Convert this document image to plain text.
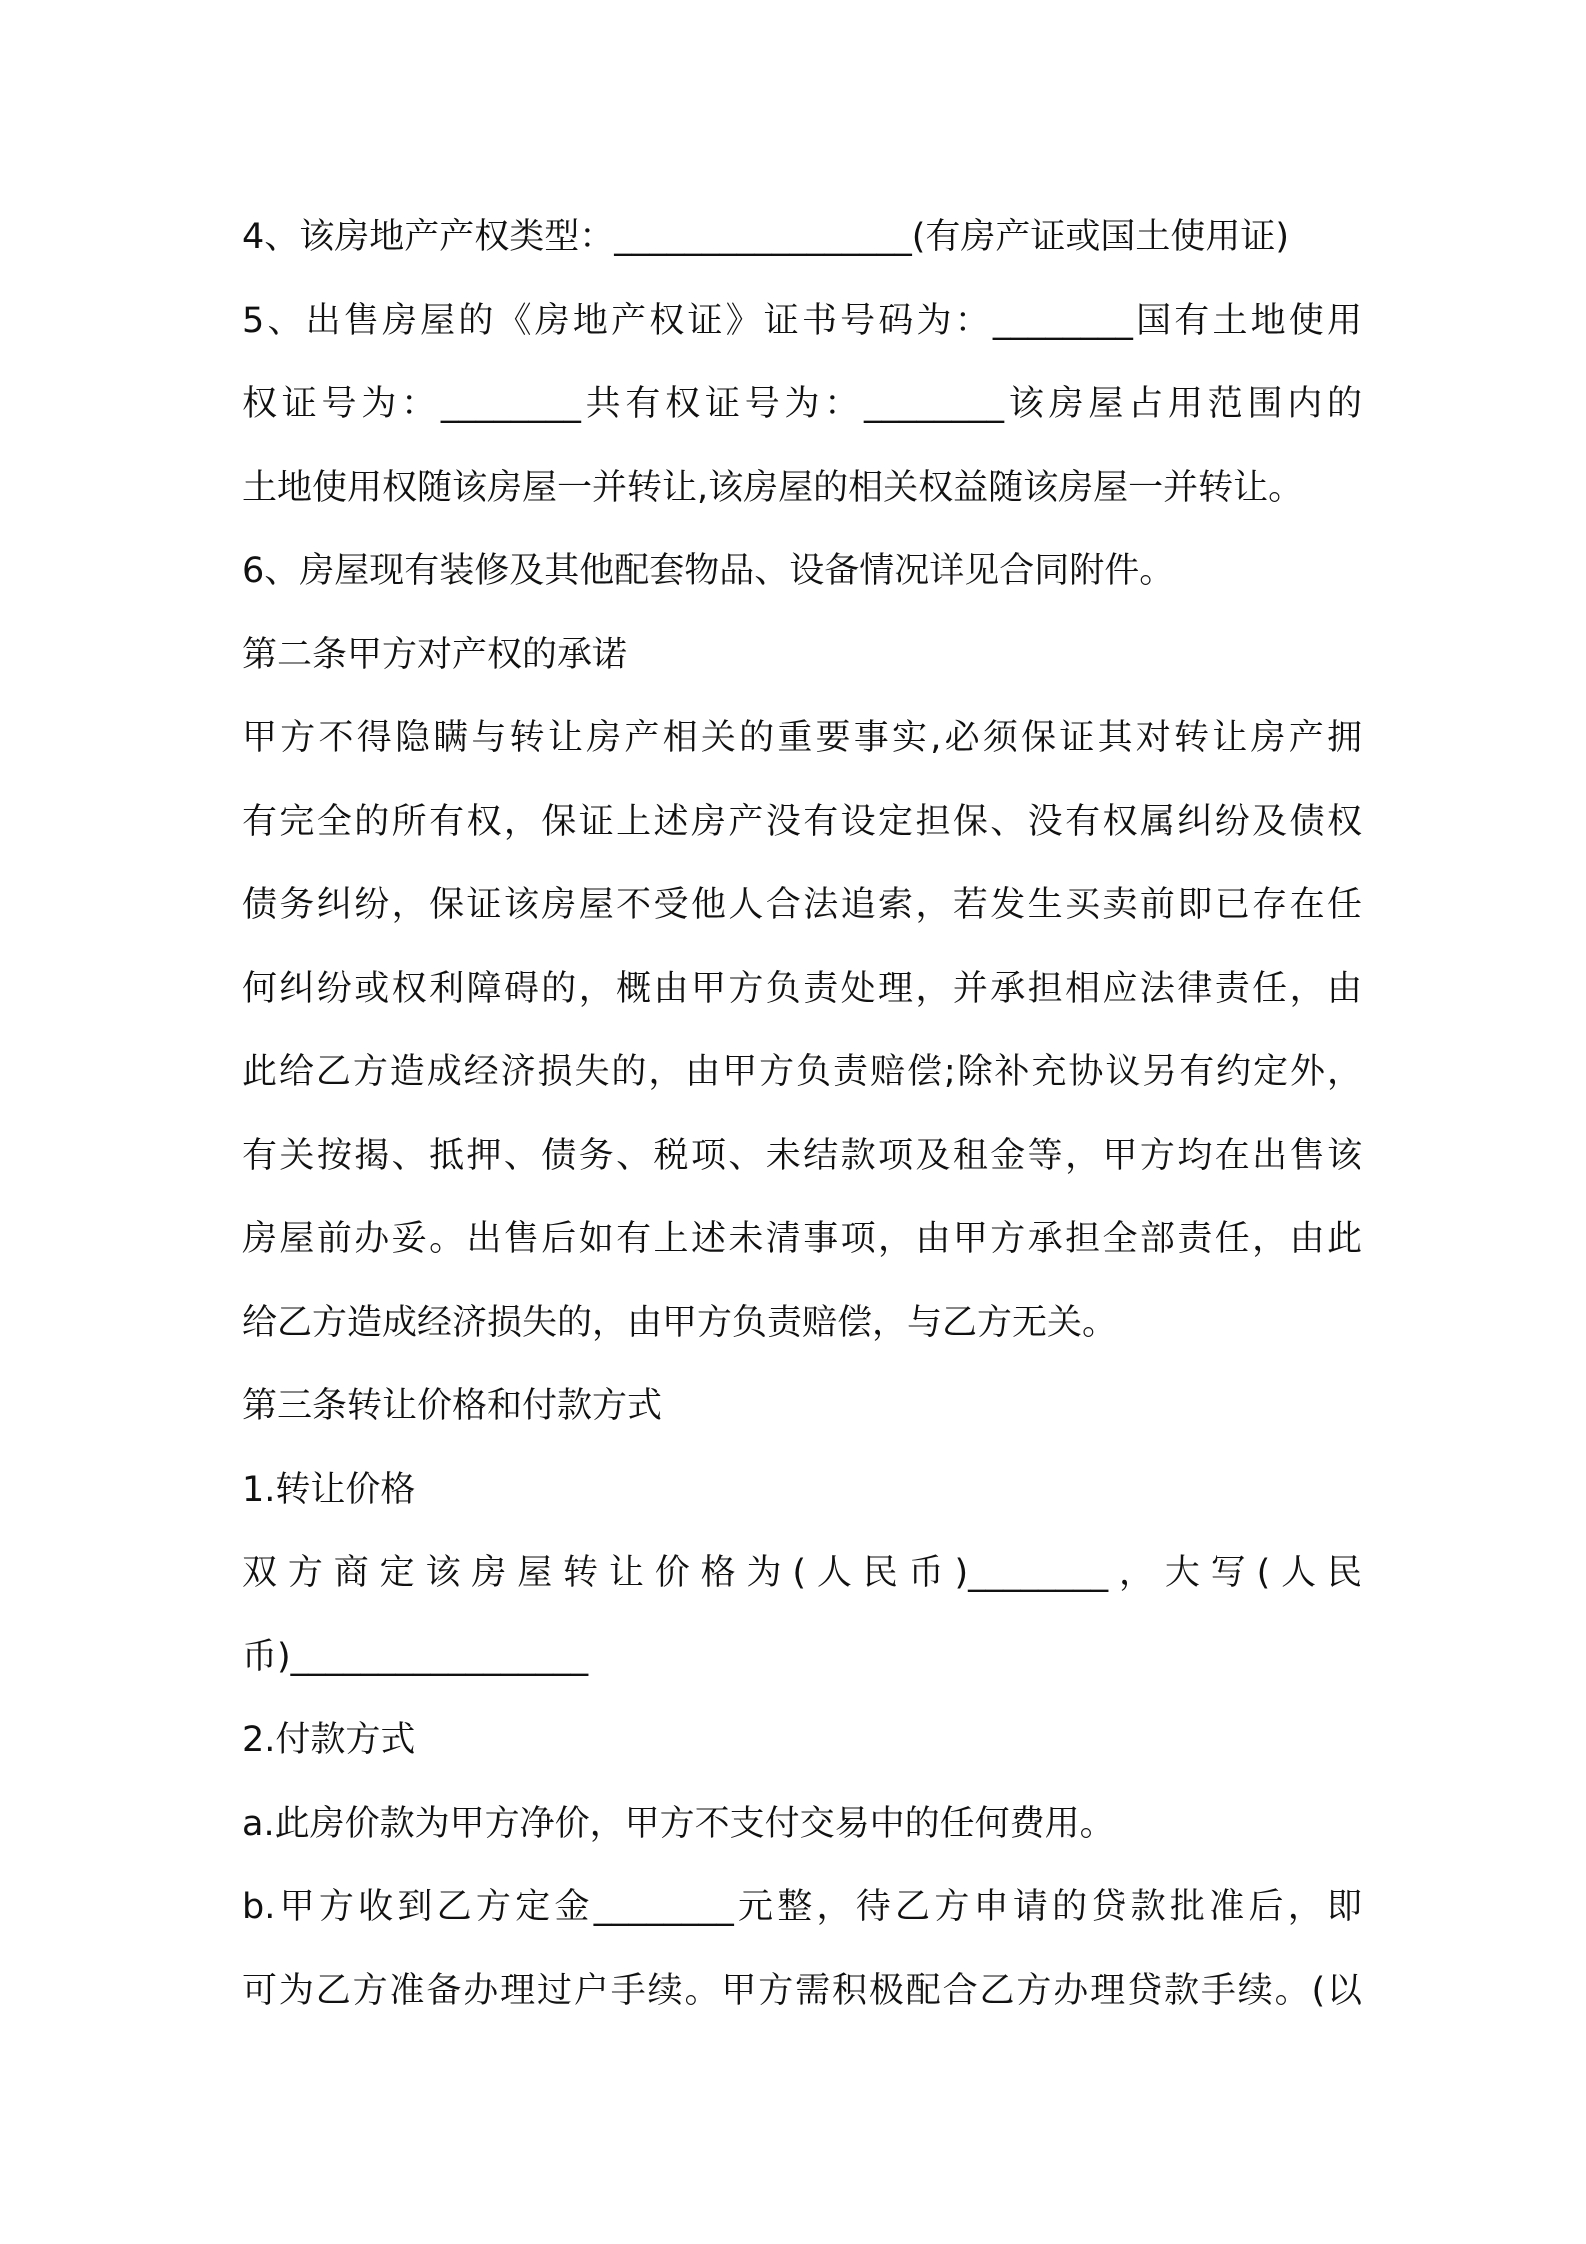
4、该房地产产权类型：_________________(有房产证或国土使用证)
5、出售房屋的《房地产权证》证书号码为：________国有土地使用
权证号为：________共有权证号为：________该房屋占用范围内的
土地使用权随该房屋一并转让,该房屋的相关权益随该房屋一并转让。
6、房屋现有装修及其他配套物品、设备情况详见合同附件。
第二条甲方对产权的承诺
甲方不得隐瞒与转让房产相关的重要事实,必须保证其对转让房产拥
有完全的所有权，保证上述房产没有设定担保、没有权属纠纷及债权
债务纠纷，保证该房屋不受他人合法追索，若发生买卖前即已存在任
何纠纷或权利障碍的，概由甲方负责处理，并承担相应法律责任，由
此给乙方造成经济损失的，由甲方负责赔偿;除补充协议另有约定外，
有关按揭、抵押、债务、税项、未结款项及租金等，甲方均在出售该
房屋前办妥。出售后如有上述未清事项，由甲方承担全部责任，由此
给乙方造成经济损失的，由甲方负责赔偿，与乙方无关。
第三条转让价格和付款方式
1.转让价格
双方商定该房屋转让价格为(人民币)________，大写(人民
币)_________________
2.付款方式
a.此房价款为甲方净价，甲方不支付交易中的任何费用。
b.甲方收到乙方定金________元整，待乙方申请的贷款批准后，即
可为乙方准备办理过户手续。甲方需积极配合乙方办理贷款手续。(以
